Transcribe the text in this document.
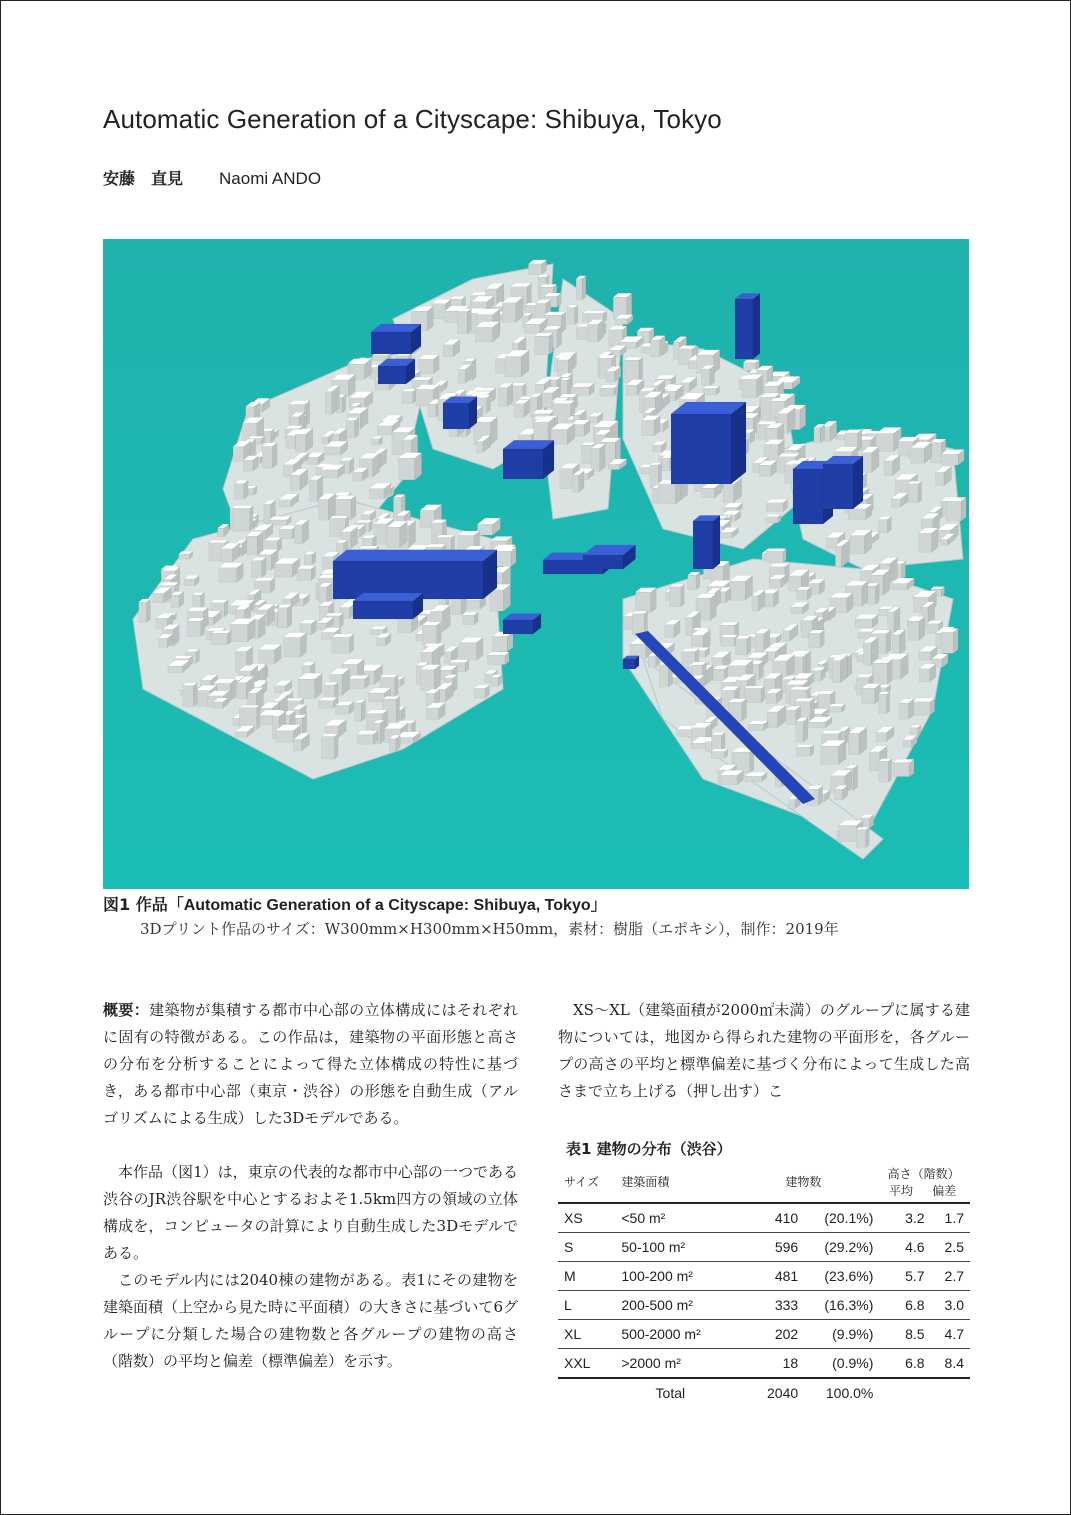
Automatic Generation of a Cityscape: Shibuya, Tokyo
安藤　直見 Naomi ANDO
図1 作品「Automatic Generation of a Cityscape: Shibuya, Tokyo」
3Dプリント作品のサイズ：W300mm×H300mm×H50mm，素材：樹脂（エポキシ），制作：2019年

概要：建築物が集積する都市中心部の立体構成にはそれぞれに固有の特徴がある。この作品は，建築物の平面形態と高さの分布を分析することによって得た立体構成の特性に基づき，ある都市中心部（東京・渋谷）の形態を自動生成（アルゴリズムによる生成）した3Dモデルである。

本作品（図1）は，東京の代表的な都市中心部の一つである渋谷のJR渋谷駅を中心とするおよそ1.5km四方の領域の立体構成を，コンピュータの計算により自動生成した3Dモデルである。

このモデル内には2040棟の建物がある。表1にその建物を建築面積（上空から見た時に平面積）の大きさに基づいて6グループに分類した場合の建物数と各グループの建物の高さ（階数）の平均と偏差（標準偏差）を示す。

XS～XL（建築面積が2000㎡未満）のグループに属する建物については，地図から得られた建物の平面形を，各グループの高さの平均と標準偏差に基づく分布によって生成した高さまで立ち上げる（押し出す）こ

表1 建物の分布（渋谷）
サイズ	建築面積	建物数		高さ（階数）	
				平均	偏差
XS	<50 m²	410	(20.1%)	3.2	1.7
S	50-100 m²	596	(29.2%)	4.6	2.5
M	100-200 m²	481	(23.6%)	5.7	2.7
L	200-500 m²	333	(16.3%)	6.8	3.0
XL	500-2000 m²	202	(9.9%)	8.5	4.7
XXL	>2000 m²	18	(0.9%)	6.8	8.4
	Total	2040	100.0%		
